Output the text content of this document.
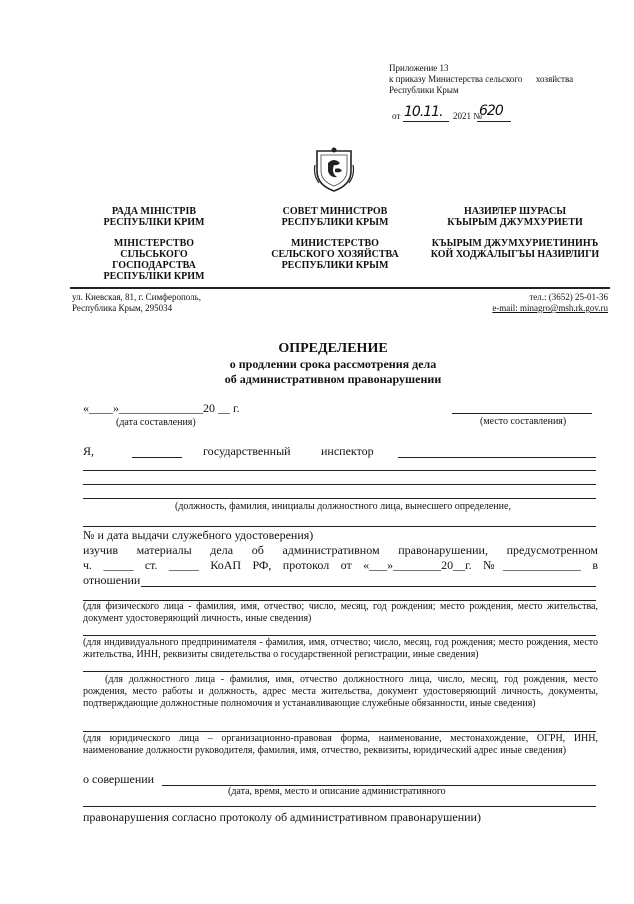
Приложение 13
к приказу Министерства сельского      хозяйства
Республики Крым
от 10.11. 2021 №
620
РАДА МІНІСТРІВ
РЕСПУБЛІКИ КРИМ
МІНІСТЕРСТВО
СІЛЬСЬКОГО
ГОСПОДАРСТВА
РЕСПУБЛІКИ КРИМ
СОВЕТ МИНИСТРОВ
РЕСПУБЛИКИ КРЫМ
МИНИСТЕРСТВО
СЕЛЬСКОГО ХОЗЯЙСТВА
РЕСПУБЛИКИ КРЫМ
НАЗИРЛЕР ШУРАСЫ
КЪЫРЫМ ДЖУМХУРИЕТИ
КЪЫРЫМ ДЖУМХУРИЕТИНИНЪ
КОЙ ХОДЖАЛЫГЪЫ НАЗИРЛИГИ
ул. Киевская, 81, г. Симферополь,
Республика Крым, 295034
тел.: (3652) 25-01-36
e-mail: minagro@msh.rk.gov.ru
ОПРЕДЕЛЕНИЕ
о продлении срока рассмотрения дела
об административном правонарушении
«____»______________20 __ г.
(дата составления)	(место составления)
Я,	государственный	инспектор
(должность, фамилия, инициалы должностного лица, вынесшего определение,
№ и дата выдачи служебного удостоверения)
изучив материалы дела об административном правонарушении, предусмотренном
ч. _____ ст. _____ КоАП РФ, протокол от «___»________20__г. №_____________ в
отношении
(для физического лица - фамилия, имя, отчество; число, месяц, год рождения; место рождения, место жительства, документ удостоверяющий личность, иные сведения)
(для индивидуального предпринимателя - фамилия, имя, отчество; число, месяц, год рождения; место рождения, место жительства, ИНН, реквизиты свидетельства о государственной регистрации, иные сведения)
(для должностного лица - фамилия, имя, отчество должностного лица, число, месяц, год рождения, место рождения, место работы и должность, адрес места жительства, документ удостоверяющий личность, документы, подтверждающие должностные полномочия и устанавливающие служебные обязанности, иные сведения)
(для юридического лица – организационно-правовая форма, наименование, местонахождение, ОГРН, ИНН, наименование должности руководителя, фамилия, имя, отчество, реквизиты, юридический адрес иные сведения)
о совершении
(дата, время, место и описание административного
правонарушения согласно протоколу об административном правонарушении)
